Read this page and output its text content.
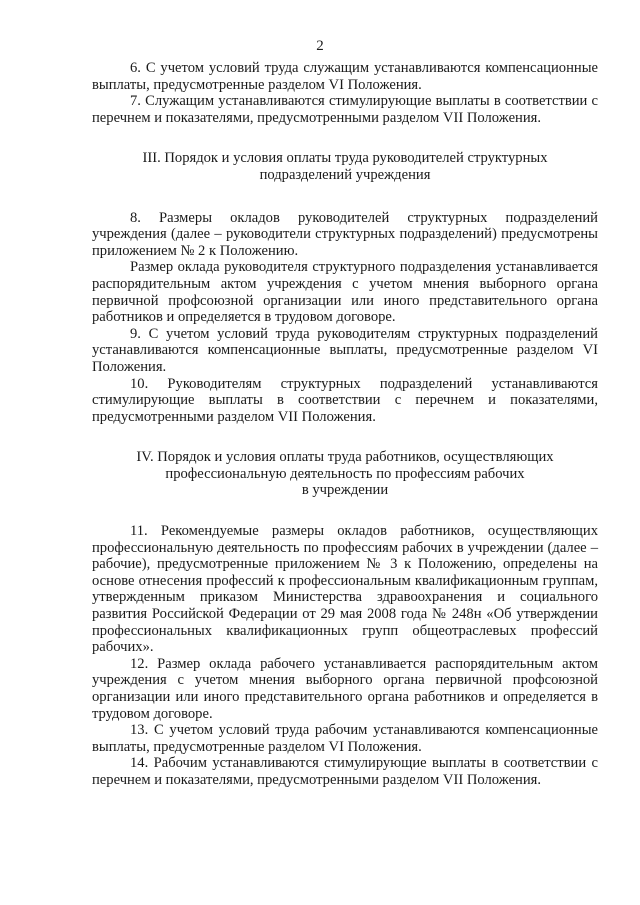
2

6. С учетом условий труда служащим устанавливаются компенсационные выплаты, предусмотренные разделом VI Положения.

7. Служащим устанавливаются стимулирующие выплаты в соответствии с перечнем и показателями, предусмотренными разделом VII Положения.

III. Порядок и условия оплаты труда руководителей структурных
подразделений учреждения

8. Размеры окладов руководителей структурных подразделений учреждения (далее – руководители структурных подразделений) предусмотрены приложением № 2 к Положению.

Размер оклада руководителя структурного подразделения устанавливается распорядительным актом учреждения с учетом мнения выборного органа первичной профсоюзной организации или иного представительного органа работников и определяется в трудовом договоре.

9. С учетом условий труда руководителям структурных подразделений устанавливаются компенсационные выплаты, предусмотренные разделом VI Положения.

10. Руководителям структурных подразделений устанавливаются стимулирующие выплаты в соответствии с перечнем и показателями, предусмотренными разделом VII Положения.

IV. Порядок и условия оплаты труда работников, осуществляющих
профессиональную деятельность по профессиям рабочих
в учреждении

11. Рекомендуемые размеры окладов работников, осуществляющих профессиональную деятельность по профессиям рабочих в учреждении (далее – рабочие), предусмотренные приложением № 3 к Положению, определены на основе отнесения профессий к профессиональным квалификационным группам, утвержденным приказом Министерства здравоохранения и социального развития Российской Федерации от 29 мая 2008 года № 248н «Об утверждении профессиональных квалификационных групп общеотраслевых профессий рабочих».

12. Размер оклада рабочего устанавливается распорядительным актом учреждения с учетом мнения выборного органа первичной профсоюзной организации или иного представительного органа работников и определяется в трудовом договоре.

13. С учетом условий труда рабочим устанавливаются компенсационные выплаты, предусмотренные разделом VI Положения.

14. Рабочим устанавливаются стимулирующие выплаты в соответствии с перечнем и показателями, предусмотренными разделом VII Положения.
